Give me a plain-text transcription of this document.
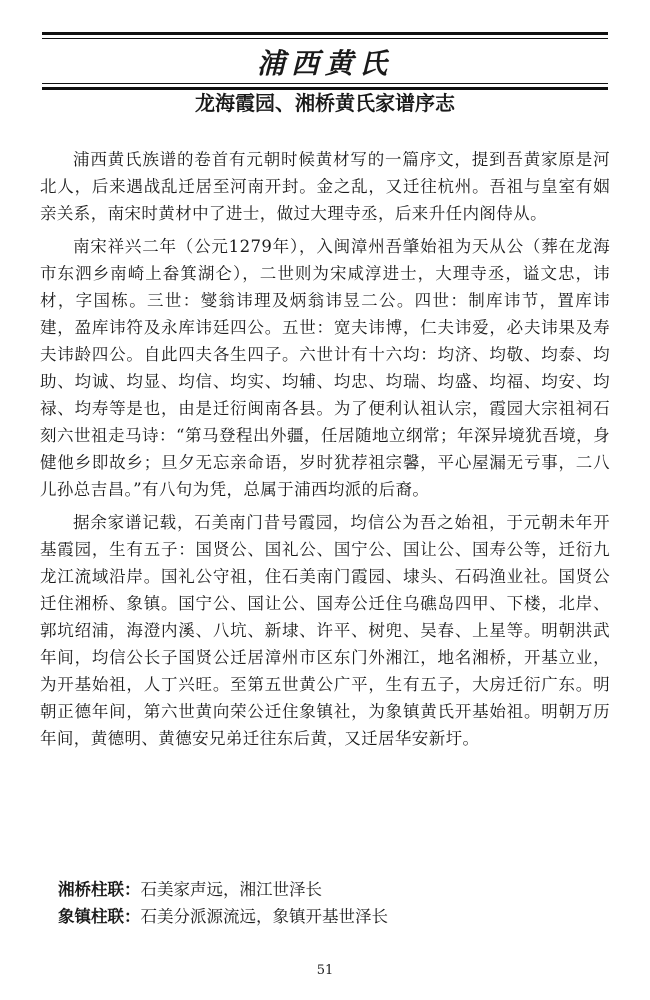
浦西黄氏
龙海霞园、湘桥黄氏家谱序志

浦西黄氏族谱的卷首有元朝时候黄材写的一篇序文，提到吾黄家原是河北人，后来遇战乱迁居至河南开封。金之乱，又迁往杭州。吾祖与皇室有姻亲关系，南宋时黄材中了进士，做过大理寺丞，后来升任内阁侍从。

南宋祥兴二年（公元1279年），入闽漳州吾肇始祖为天从公（葬在龙海市东泗乡南崎上畚箕湖仑），二世则为宋咸淳进士，大理寺丞，谥文忠，讳材，字国栋。三世：燮翁讳理及炳翁讳昱二公。四世：制库讳节，置库讳建，盈库讳符及永库讳廷四公。五世：宽夫讳博，仁夫讳爱，必夫讳果及寿夫讳龄四公。自此四夫各生四子。六世计有十六均：均济、均敬、均泰、均助、均诚、均显、均信、均实、均辅、均忠、均瑞、均盛、均福、均安、均禄、均寿等是也，由是迁衍闽南各县。为了便利认祖认宗，霞园大宗祖祠石刻六世祖走马诗：“第马登程出外疆，任居随地立纲常；年深异境犹吾境，身健他乡即故乡；旦夕无忘亲命语，岁时犹荐祖宗馨，平心屋漏无亏事，二八儿孙总吉昌。”有八句为凭，总属于浦西均派的后裔。

据余家谱记载，石美南门昔号霞园，均信公为吾之始祖，于元朝未年开基霞园，生有五子：国贤公、国礼公、国宁公、国让公、国寿公等，迁衍九龙江流域沿岸。国礼公守祖，住石美南门霞园、埭头、石码渔业社。国贤公迁住湘桥、象镇。国宁公、国让公、国寿公迁住乌礁岛四甲、下楼，北岸、郭坑绍浦，海澄内溪、八坑、新埭、许平、树兜、吴春、上星等。明朝洪武年间，均信公长子国贤公迁居漳州市区东门外湘江，地名湘桥，开基立业，为开基始祖，人丁兴旺。至第五世黄公广平，生有五子，大房迁衍广东。明朝正德年间，第六世黄向荣公迁住象镇社，为象镇黄氏开基始祖。明朝万历年间，黄德明、黄德安兄弟迁往东后黄，又迁居华安新圩。

湘桥柱联：石美家声远，湘江世泽长
象镇柱联：石美分派源流远，象镇开基世泽长
51
